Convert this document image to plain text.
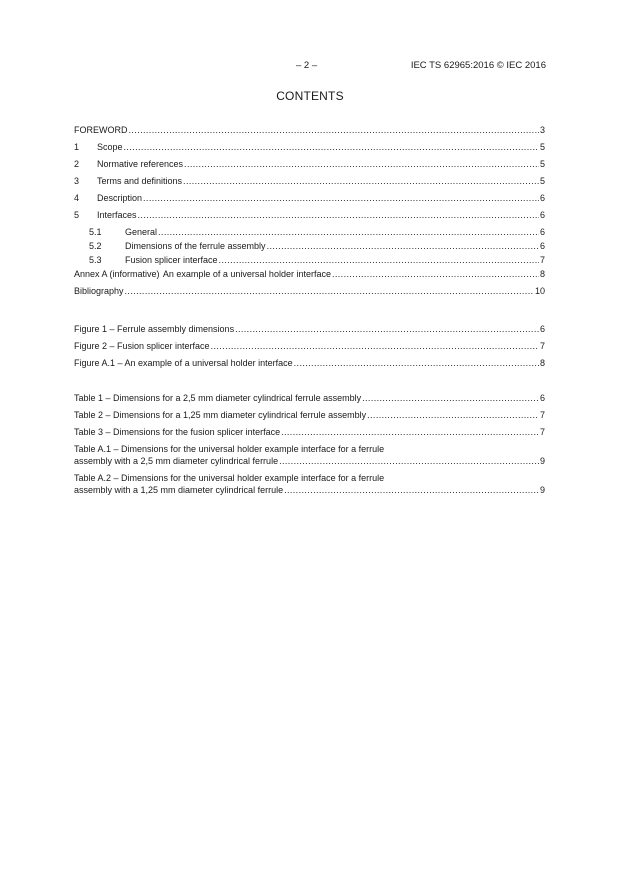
– 2 –	IEC TS 62965:2016 © IEC 2016
CONTENTS
FOREWORD .....	3
1	Scope .....	5
2	Normative references .....	5
3	Terms and definitions .....	5
4	Description .....	6
5	Interfaces .....	6
5.1	General .....	6
5.2	Dimensions of the ferrule assembly .....	6
5.3	Fusion splicer interface .....	7
Annex A (informative) An example of a universal holder interface .....	8
Bibliography .....	10
Figure 1 – Ferrule assembly dimensions .....	6
Figure 2 – Fusion splicer interface .....	7
Figure A.1 – An example of a universal holder interface .....	8
Table 1 – Dimensions for a 2,5 mm diameter cylindrical ferrule assembly .....	6
Table 2 – Dimensions for a 1,25 mm diameter cylindrical ferrule assembly .....	7
Table 3 – Dimensions for the fusion splicer interface .....	7
Table A.1 – Dimensions for the universal holder example interface for a ferrule
assembly with a 2,5 mm diameter cylindrical ferrule .....	9
Table A.2 – Dimensions for the universal holder example interface for a ferrule
assembly with a 1,25 mm diameter cylindrical ferrule .....	9
